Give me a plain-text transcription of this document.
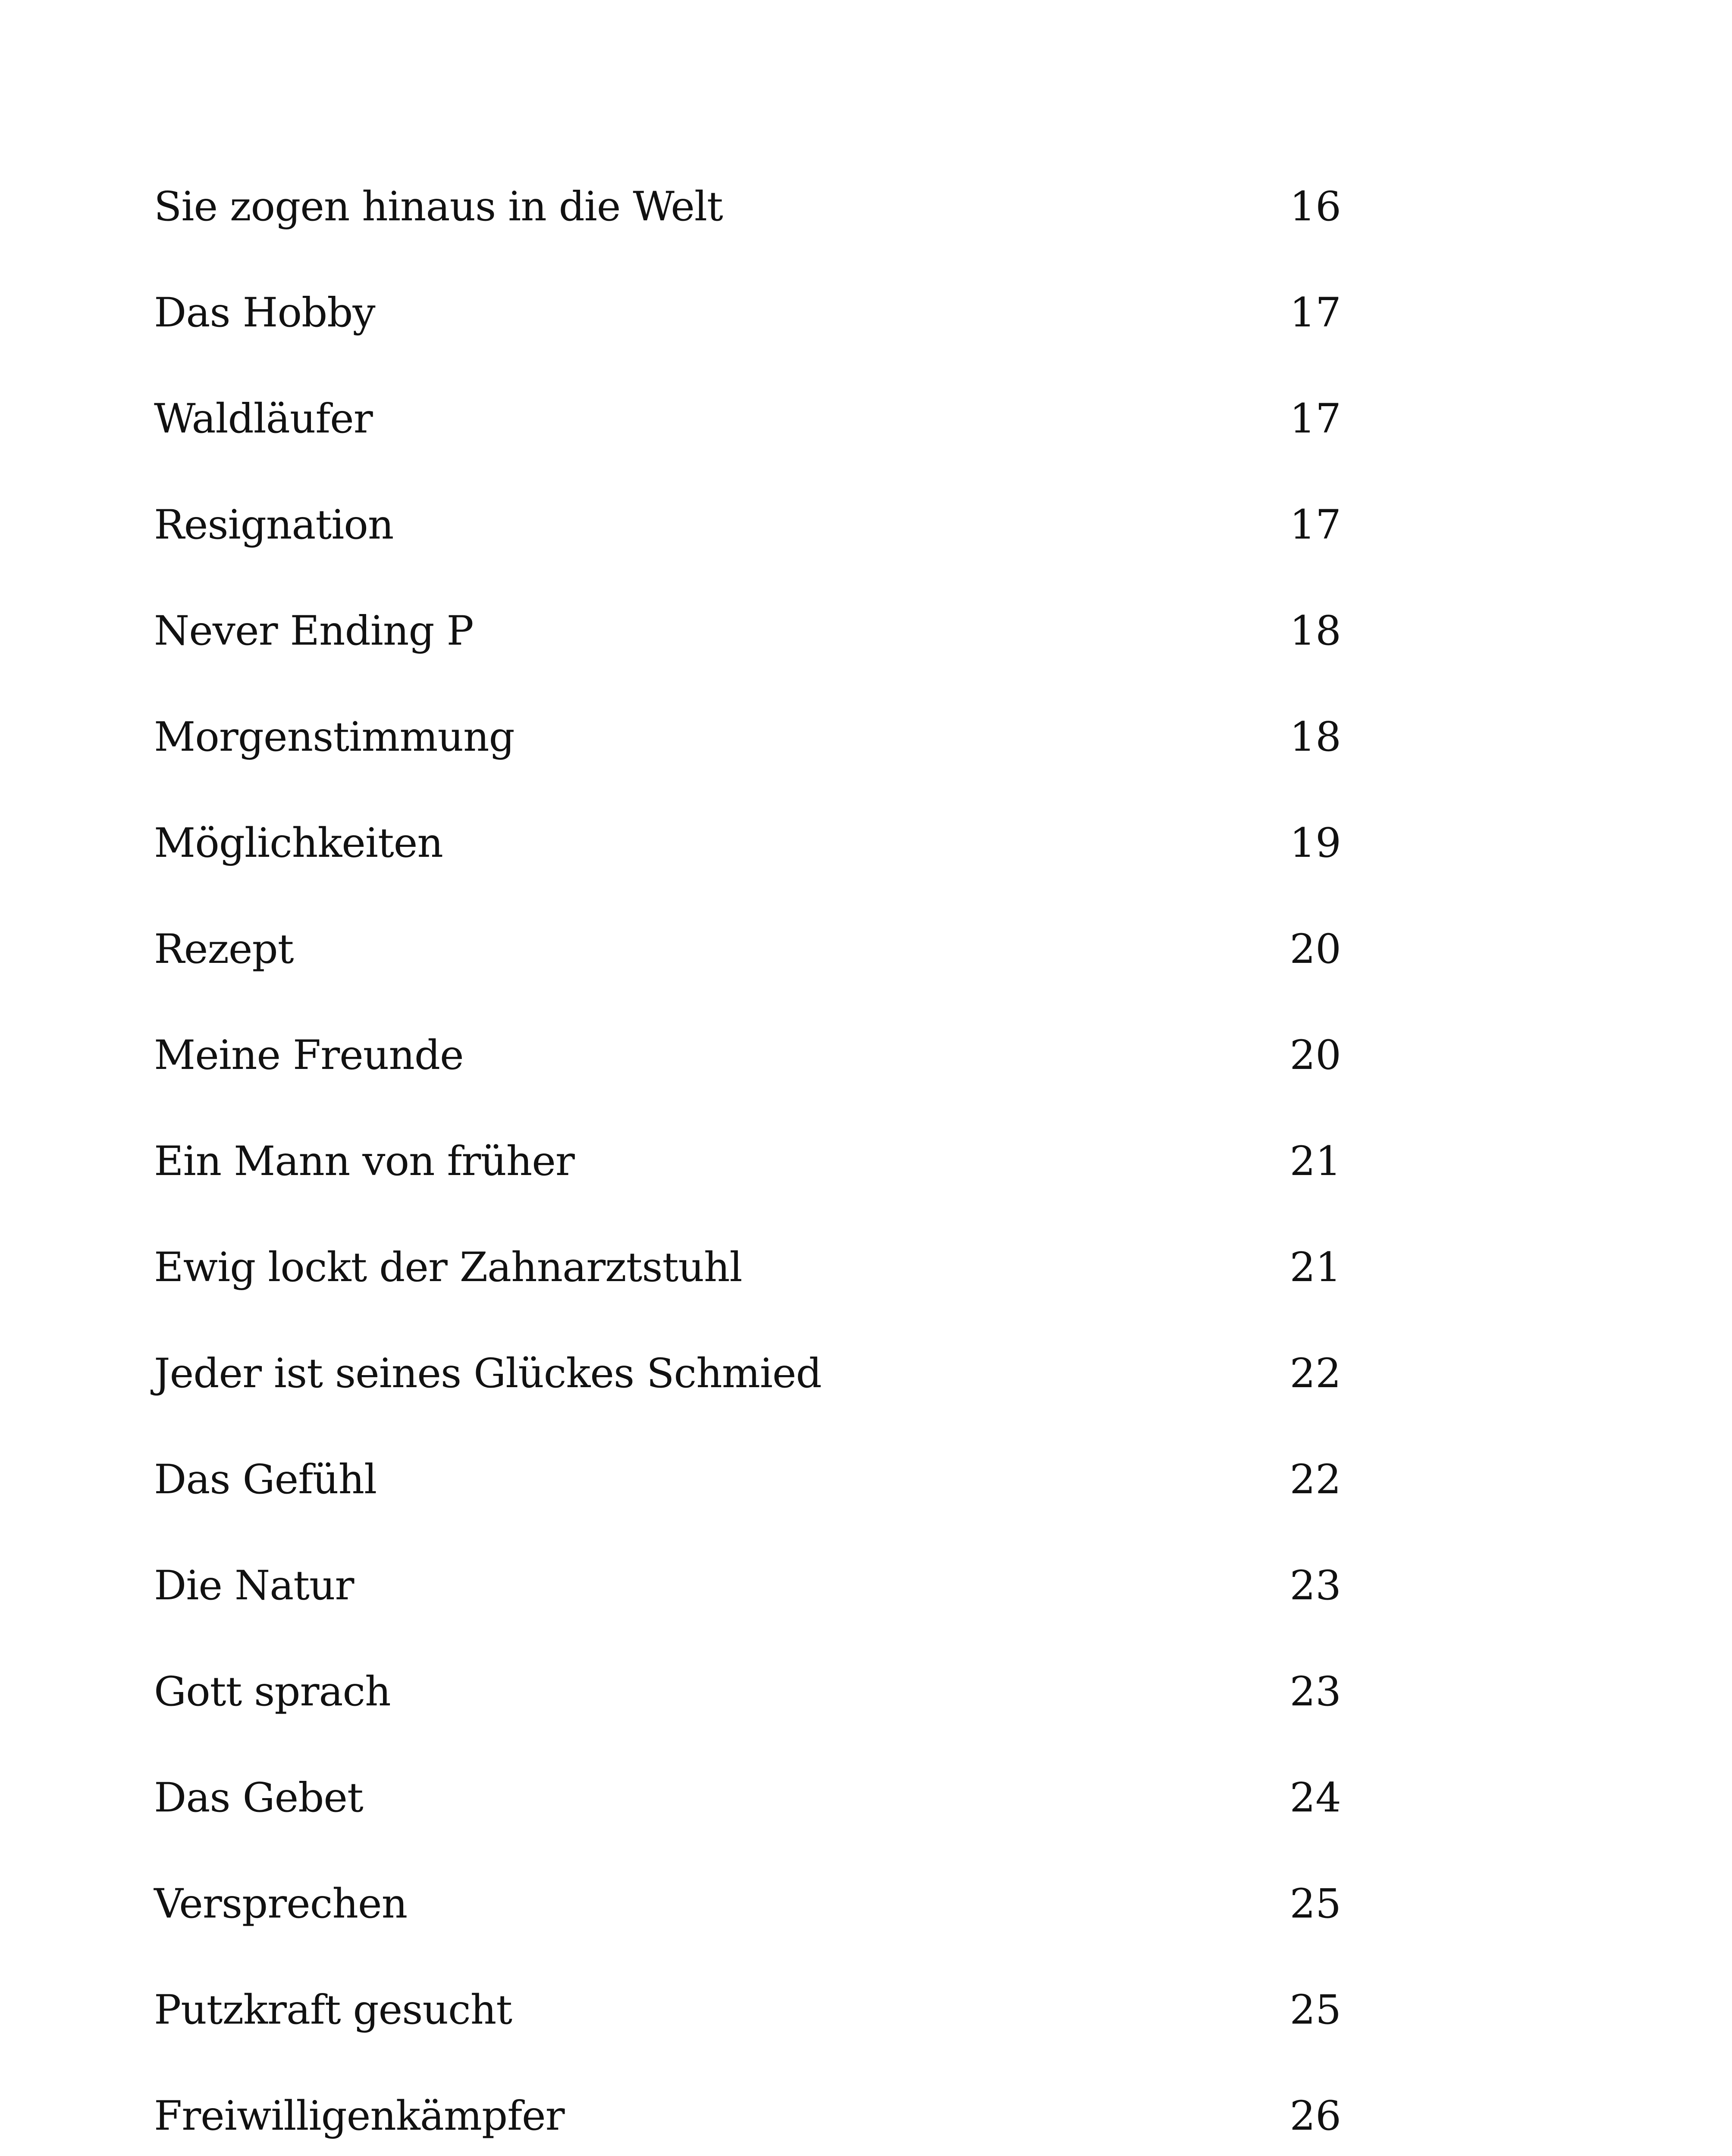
Sie zogen hinaus in die Welt	16
Das Hobby	17
Waldläufer	17
Resignation	17
Never Ending P	18
Morgenstimmung	18
Möglichkeiten	19
Rezept	20
Meine Freunde	20
Ein Mann von früher	21
Ewig lockt der Zahnarztstuhl	21
Jeder ist seines Glückes Schmied	22
Das Gefühl	22
Die Natur	23
Gott sprach	23
Das Gebet	24
Versprechen	25
Putzkraft gesucht	25
Freiwilligenkämpfer	26
